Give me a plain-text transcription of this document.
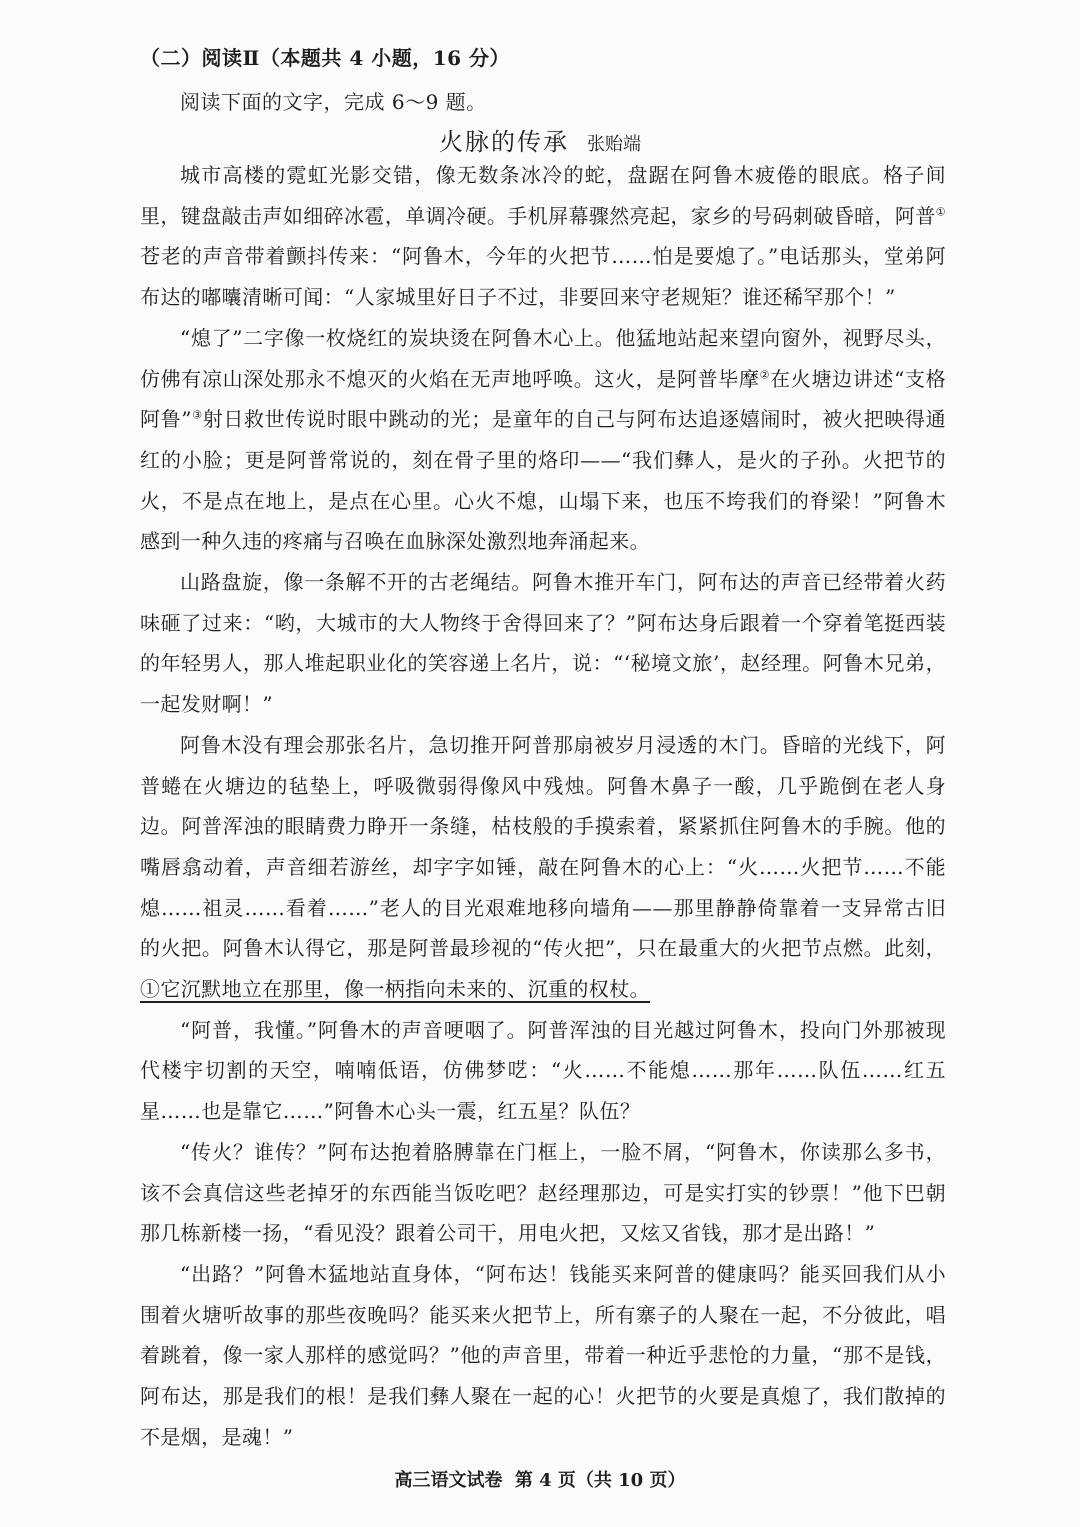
（二）阅读Ⅱ（本题共 4 小题，16 分）
阅读下面的文字，完成 6～9 题。
火脉的传承 张贻端

城市高楼的霓虹光影交错，像无数条冰冷的蛇，盘踞在阿鲁木疲倦的眼底。格子间里，键盘敲击声如细碎冰雹，单调冷硬。手机屏幕骤然亮起，家乡的号码刺破昏暗，阿普①苍老的声音带着颤抖传来：“阿鲁木，今年的火把节……怕是要熄了。”电话那头，堂弟阿布达的嘟囔清晰可闻：“人家城里好日子不过，非要回来守老规矩？谁还稀罕那个！”

“熄了”二字像一枚烧红的炭块烫在阿鲁木心上。他猛地站起来望向窗外，视野尽头，仿佛有凉山深处那永不熄灭的火焰在无声地呼唤。这火，是阿普毕摩②在火塘边讲述“支格阿鲁”③射日救世传说时眼中跳动的光；是童年的自己与阿布达追逐嬉闹时，被火把映得通红的小脸；更是阿普常说的，刻在骨子里的烙印——“我们彝人，是火的子孙。火把节的火，不是点在地上，是点在心里。心火不熄，山塌下来，也压不垮我们的脊梁！”阿鲁木感到一种久违的疼痛与召唤在血脉深处激烈地奔涌起来。

山路盘旋，像一条解不开的古老绳结。阿鲁木推开车门，阿布达的声音已经带着火药味砸了过来：“哟，大城市的大人物终于舍得回来了？”阿布达身后跟着一个穿着笔挺西装的年轻男人，那人堆起职业化的笑容递上名片，说：“‘秘境文旅’，赵经理。阿鲁木兄弟，一起发财啊！”

阿鲁木没有理会那张名片，急切推开阿普那扇被岁月浸透的木门。昏暗的光线下，阿普蜷在火塘边的毡垫上，呼吸微弱得像风中残烛。阿鲁木鼻子一酸，几乎跪倒在老人身边。阿普浑浊的眼睛费力睁开一条缝，枯枝般的手摸索着，紧紧抓住阿鲁木的手腕。他的嘴唇翕动着，声音细若游丝，却字字如锤，敲在阿鲁木的心上：“火……火把节……不能熄……祖灵……看着……”老人的目光艰难地移向墙角——那里静静倚靠着一支异常古旧的火把。阿鲁木认得它，那是阿普最珍视的“传火把”，只在最重大的火把节点燃。此刻，①它沉默地立在那里，像一柄指向未来的、沉重的权杖。

“阿普，我懂。”阿鲁木的声音哽咽了。阿普浑浊的目光越过阿鲁木，投向门外那被现代楼宇切割的天空，喃喃低语，仿佛梦呓：“火……不能熄……那年……队伍……红五星……也是靠它……”阿鲁木心头一震，红五星？队伍？

“传火？谁传？”阿布达抱着胳膊靠在门框上，一脸不屑，“阿鲁木，你读那么多书，该不会真信这些老掉牙的东西能当饭吃吧？赵经理那边，可是实打实的钞票！”他下巴朝那几栋新楼一扬，“看见没？跟着公司干，用电火把，又炫又省钱，那才是出路！”

“出路？”阿鲁木猛地站直身体，“阿布达！钱能买来阿普的健康吗？能买回我们从小围着火塘听故事的那些夜晚吗？能买来火把节上，所有寨子的人聚在一起，不分彼此，唱着跳着，像一家人那样的感觉吗？”他的声音里，带着一种近乎悲怆的力量，“那不是钱，阿布达，那是我们的根！是我们彝人聚在一起的心！火把节的火要是真熄了，我们散掉的不是烟，是魂！”

高三语文试卷 第 4 页（共 10 页）
